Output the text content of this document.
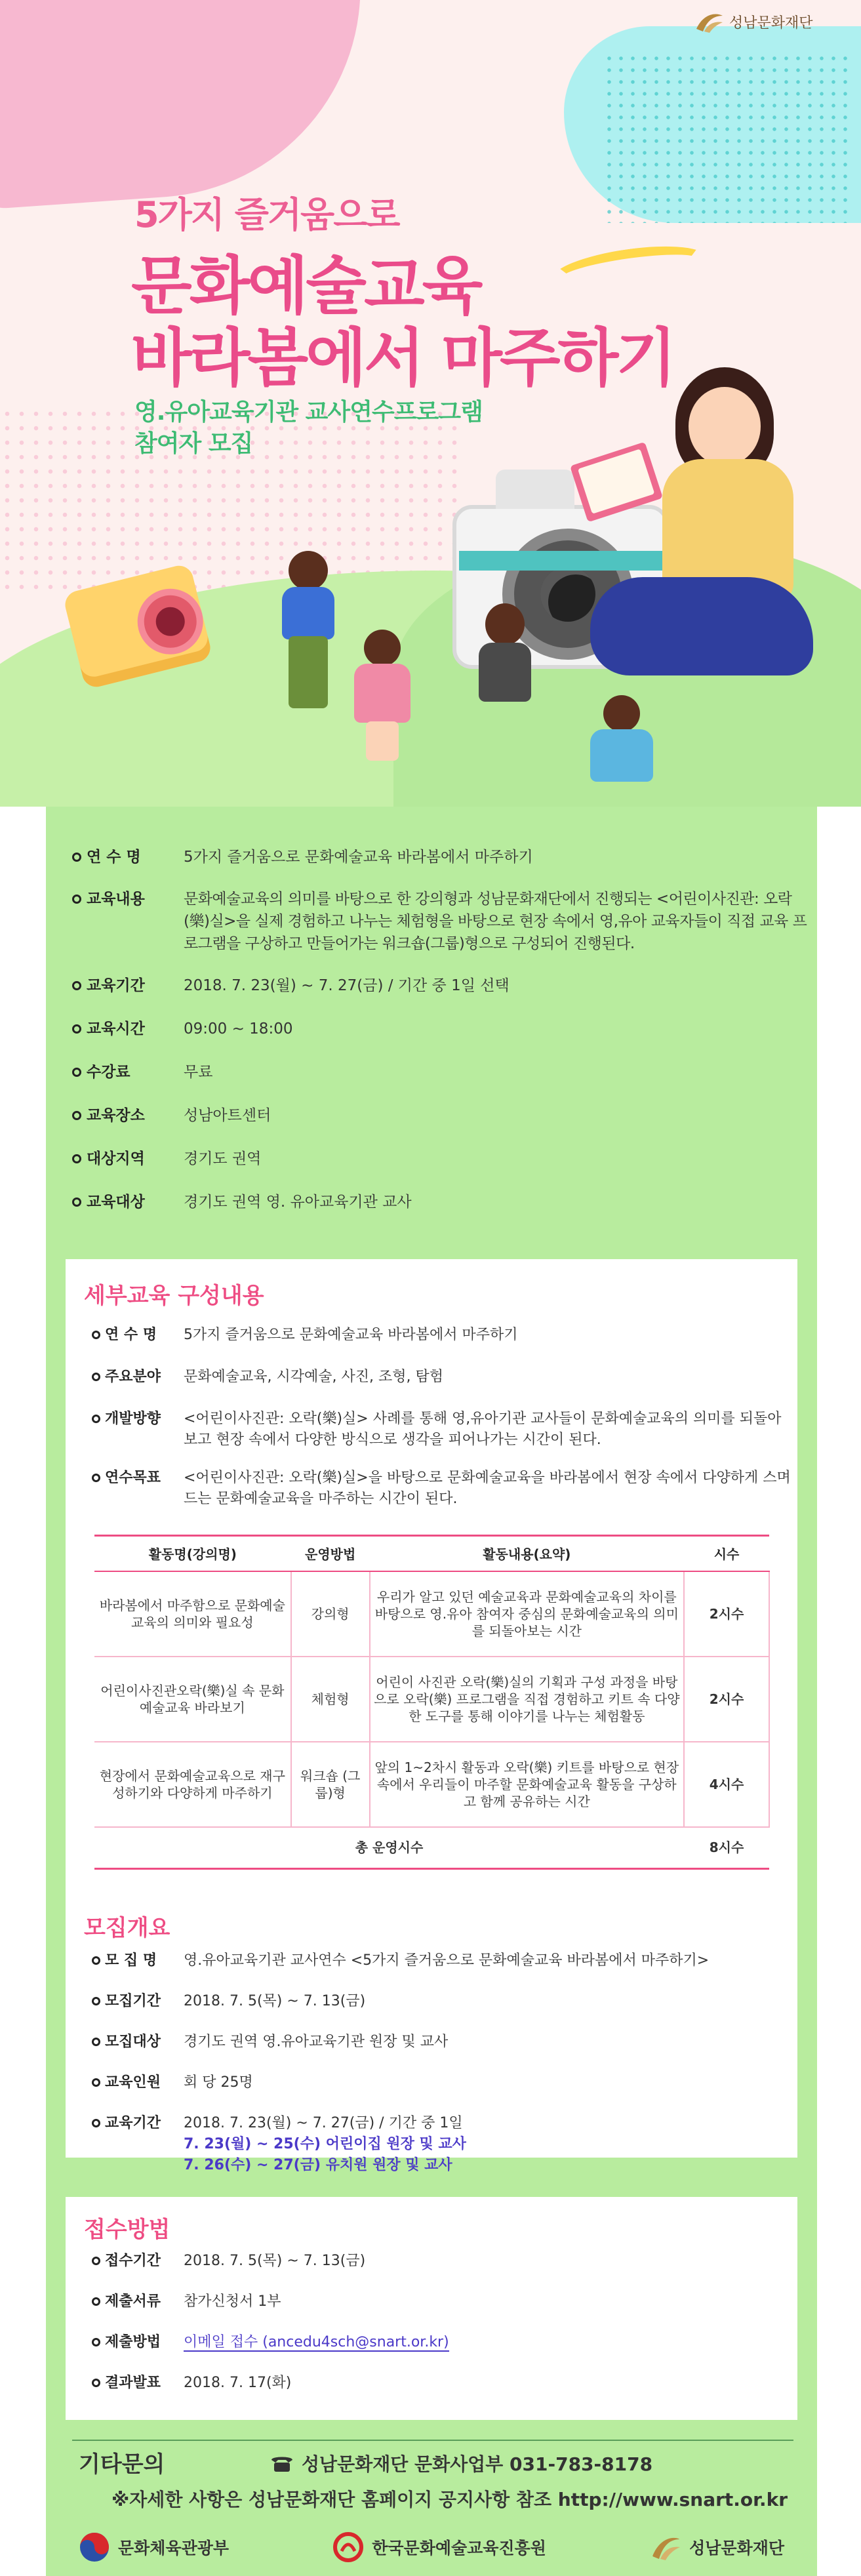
성남문화재단
5가지 즐거움으로
문화예술교육
바라봄에서 마주하기
영.유아교육기관 교사연수프로그램
참여자 모집
연 수 명	5가지 즐거움으로 문화예술교육 바라봄에서 마주하기
교육내용	문화예술교육의 의미를 바탕으로 한 강의형과 성남문화재단에서 진행되는 <어린이사진관: 오락(樂)실>을 실제 경험하고 나누는 체험형을 바탕으로 현장 속에서 영,유아 교육자들이 직접 교육 프로그램을 구상하고 만들어가는 워크숍(그룹)형으로 구성되어 진행된다.
교육기간	2018. 7. 23(월) ~ 7. 27(금) / 기간 중 1일 선택
교육시간	09:00 ~ 18:00
수강료	무료
교육장소	성남아트센터
대상지역	경기도 권역
교육대상	경기도 권역 영. 유아교육기관 교사
세부교육 구성내용
연 수 명 5가지 즐거움으로 문화예술교육 바라봄에서 마주하기
주요분야 문화예술교육, 시각예술, 사진, 조형, 탐험
개발방향 <어린이사진관: 오락(樂)실> 사례를 통해 영,유아기관 교사들이 문화예술교육의 의미를 되돌아보고 현장 속에서 다양한 방식으로 생각을 피어나가는 시간이 된다.
연수목표 <어린이사진관: 오락(樂)실>을 바탕으로 문화예술교육을 바라봄에서 현장 속에서 다양하게 스며드는 문화예술교육을 마주하는 시간이 된다.
활동명(강의명)	운영방법	활동내용(요약)	시수
바라봄에서 마주함으로 문화예술교육의 의미와 필요성	강의형	우리가 알고 있던 예술교육과 문화예술교육의 차이를 바탕으로 영.유아 참여자 중심의 문화예술교육의 의미를 되돌아보는 시간	2시수
어린이사진관오락(樂)실 속 문화예술교육 바라보기	체험형	어린이 사진관 오락(樂)실의 기획과 구성 과정을 바탕으로 오락(樂) 프로그램을 직접 경험하고 키트 속 다양한 도구를 통해 이야기를 나누는 체험활동	2시수
현장에서 문화예술교육으로 재구성하기와 다양하게 마주하기	워크숍 (그룹)형	앞의 1~2차시 활동과 오락(樂) 키트를 바탕으로 현장 속에서 우리들이 마주할 문화예술교육 활동을 구상하고 함께 공유하는 시간	4시수
총 운영시수			8시수
모집개요
모 집 명 영.유아교육기관 교사연수 <5가지 즐거움으로 문화예술교육 바라봄에서 마주하기>
모집기간 2018. 7. 5(목) ~ 7. 13(금)
모집대상 경기도 권역 영.유아교육기관 원장 및 교사
교육인원 회 당 25명
교육기간 2018. 7. 23(월) ~ 7. 27(금) / 기간 중 1일
7. 23(월) ~ 25(수) 어린이집 원장 및 교사
7. 26(수) ~ 27(금) 유치원 원장 및 교사
접수방법
접수기간 2018. 7. 5(목) ~ 7. 13(금)
제출서류 참가신청서 1부
제출방법 이메일 접수 (ancedu4sch@snart.or.kr)
결과발표 2018. 7. 17(화)
기타문의	성남문화재단 문화사업부 031-783-8178
※자세한 사항은 성남문화재단 홈페이지 공지사항 참조 http://www.snart.or.kr
문화체육관광부	한국문화예술교육진흥원	성남문화재단
